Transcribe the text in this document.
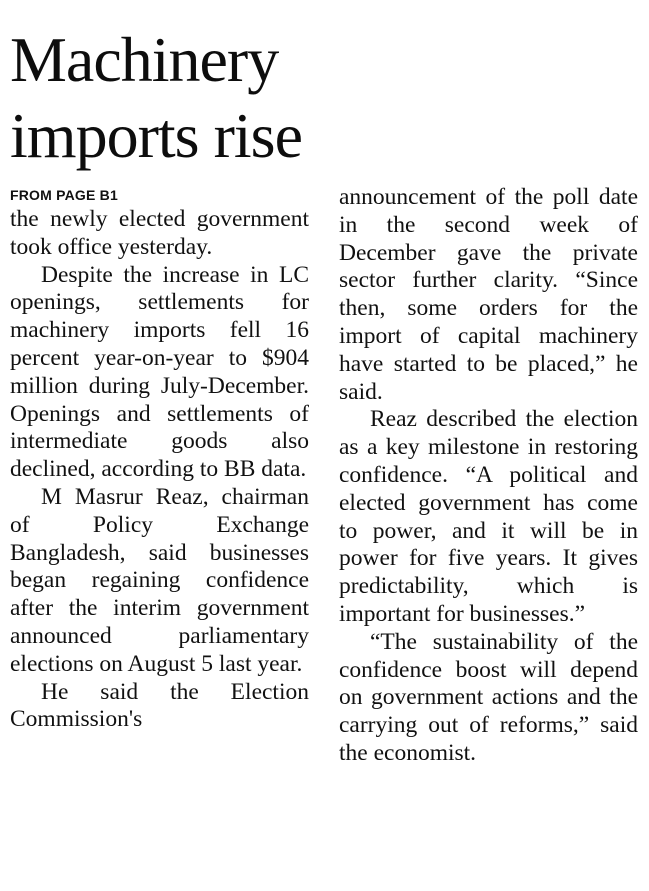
Machinery
imports rise
FROM PAGE B1

the newly elected government took office yesterday.

Despite the increase in LC openings, settlements for machinery imports fell 16 percent year-on-year to $904 million during July-December. Openings and settlements of intermediate goods also declined, according to BB data.

M Masrur Reaz, chairman of Policy Exchange Bangladesh, said businesses began regaining confidence after the interim government announced parliamentary elections on August 5 last year.

He said the Election Commission's

announcement of the poll date in the second week of December gave the private sector further clarity. “Since then, some orders for the import of capital machinery have started to be placed,” he said.

Reaz described the election as a key milestone in restoring confidence. “A political and elected government has come to power, and it will be in power for five years. It gives predictability, which is important for businesses.”

“The sustainability of the confidence boost will depend on government actions and the carrying out of reforms,” said the economist.
